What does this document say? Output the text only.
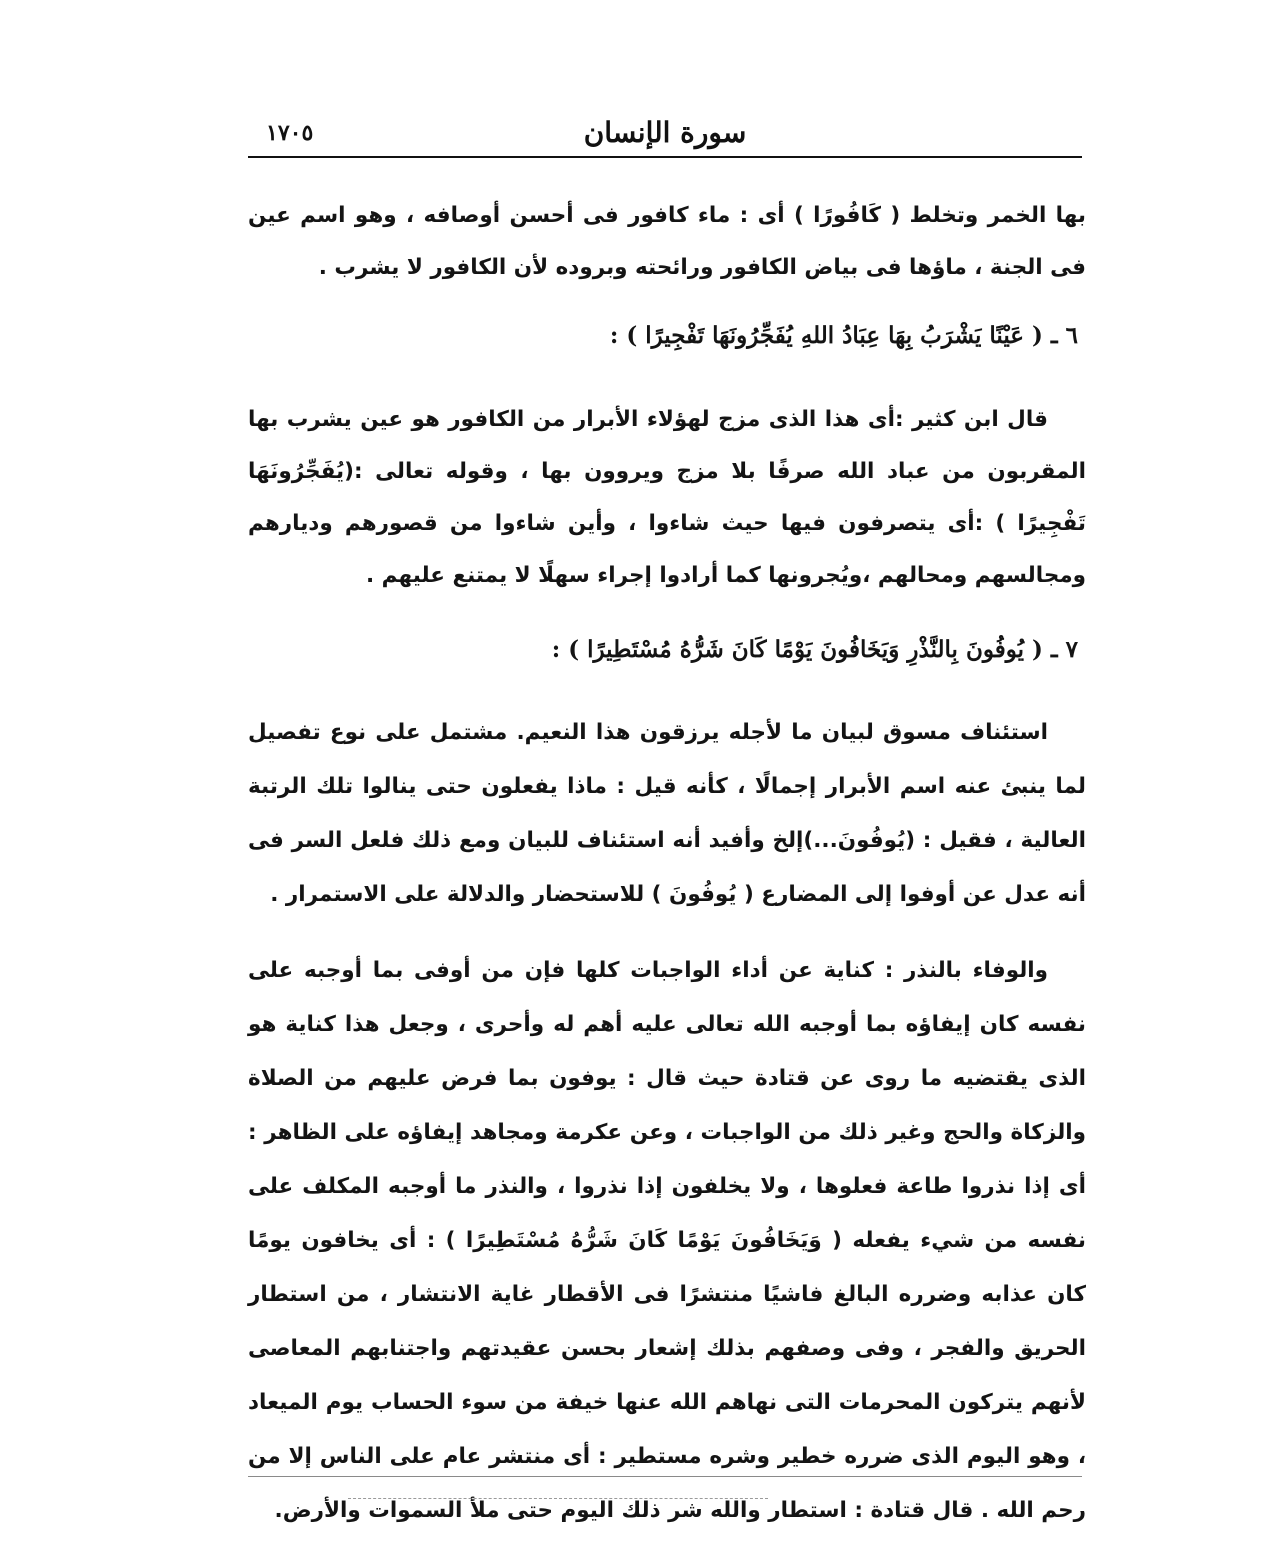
سورة الإنسان
١٧٠٥
بها الخمر وتخلط ( كَافُورًا ) أى : ماء كافور فى أحسن أوصافه ، وهو اسم عين فى الجنة ، ماؤها فى بياض الكافور ورائحته وبروده لأن الكافور لا يشرب .
٦ ـ ( عَيْنًا يَشْرَبُ بِهَا عِبَادُ اللهِ يُفَجِّرُونَهَا تَفْجِيرًا ) :
قال ابن كثير :أى هذا الذى مزج لهؤلاء الأبرار من الكافور هو عين يشرب بها المقربون من عباد الله صرفًا بلا مزج ويروون بها ، وقوله تعالى :(يُفَجِّرُونَهَا تَفْجِيرًا ) :أى يتصرفون فيها حيث شاءوا ، وأين شاءوا من قصورهم ودیارهم ومجالسهم ومحالهم ،ويُجرونها كما أرادوا إجراء سهلًا لا يمتنع عليهم .
٧ ـ ( يُوفُونَ بِالنَّذْرِ وَيَخَافُونَ يَوْمًا كَانَ شَرُّهُ مُسْتَطِيرًا ) :
استئناف مسوق لبيان ما لأجله يرزقون هذا النعيم. مشتمل على نوع تفصيل لما ينبئ عنه اسم الأبرار إجمالًا ، كأنه قيل : ماذا يفعلون حتى ينالوا تلك الرتبة العالية ، فقيل : (يُوفُونَ...)إلخ وأفيد أنه استئناف للبيان ومع ذلك فلعل السر فى أنه عدل عن أوفوا إلى المضارع ( يُوفُونَ ) للاستحضار والدلالة على الاستمرار .
والوفاء بالنذر : كناية عن أداء الواجبات كلها فإن من أوفى بما أوجبه على نفسه كان إيفاؤه بما أوجبه الله تعالى عليه أهم له وأحرى ، وجعل هذا كناية هو الذى يقتضيه ما روى عن قتادة حيث قال : يوفون بما فرض عليهم من الصلاة والزكاة والحج وغير ذلك من الواجبات ، وعن عكرمة ومجاهد إيفاؤه على الظاهر : أى إذا نذروا طاعة فعلوها ، ولا يخلفون إذا نذروا ، والنذر ما أوجبه المكلف على نفسه من شيء يفعله ( وَيَخَافُونَ يَوْمًا كَانَ شَرُّهُ مُسْتَطِيرًا ) : أى يخافون يومًا كان عذابه وضرره البالغ فاشيًا منتشرًا فى الأقطار غاية الانتشار ، من استطار الحريق والفجر ، وفى وصفهم بذلك إشعار بحسن عقيدتهم واجتنابهم المعاصى لأنهم يتركون المحرمات التى نهاهم الله عنها خيفة من سوء الحساب يوم الميعاد ، وهو اليوم الذى ضرره خطير وشره مستطير : أى منتشر عام على الناس إلا من رحم الله . قال قتادة : استطار والله شر ذلك اليوم حتى ملأ السموات والأرض.
